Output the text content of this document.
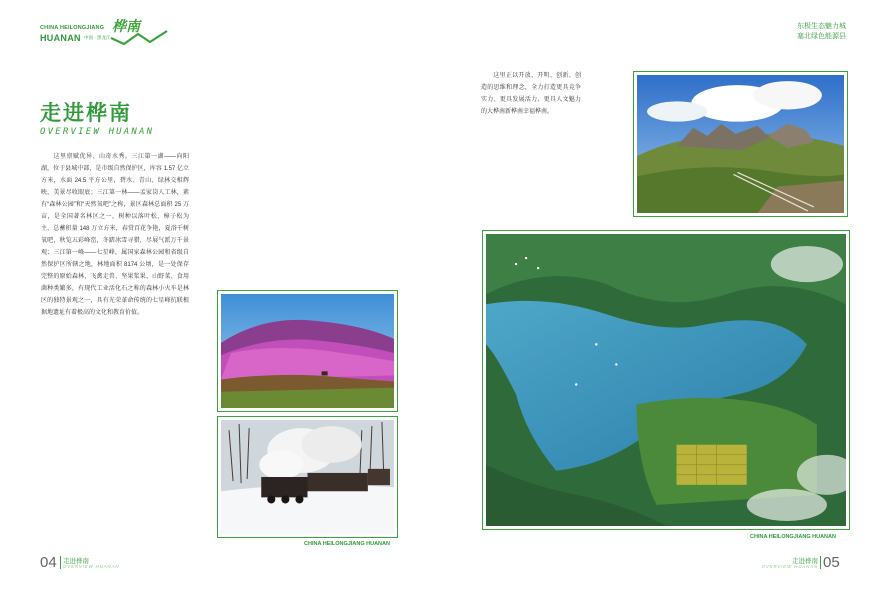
CHINA HEILONGJIANG
HUANAN 中国 · 黑龙江
桦南	东极生态魅力城
塞北绿色能源县
走进桦南
OVERVIEW HUANAN
这里禀赋优异、山奇水秀。三江第一湖——向阳湖，位于县城中部，是市级自然保护区，库容 1.57 亿立方米，水面 24.5 平方公里，碧水、青山、绿林交相辉映，美景尽收眼底；三江第一林——孟家岗人工林，素有“森林公园”和“天然氧吧”之称，景区森林总面积 25 万亩，是全国著名林区之一，树种以落叶松、樟子松为主，总蓄积量 148 万立方米，春赏百花争艳，夏浴千树氧吧，秋览五彩峰峦，冬踏冰雪寻猎，尽展气派万千景观；三江第一峰——七星峰，属国家森林公园和省级自然保护区所辖之地，林地面积 8174 公顷，是一处保存完整的原始森林，飞禽走兽、坚果浆果、山野菜、食用菌种类繁多，有现代工业活化石之称的森林小火车是林区的独特景观之一，具有光荣革命传统的七星峰抗联根据地遗址有着极高的文化和教育价值。
这里正以开放、开明、创新、创造的思维和理念，全力打造更具竞争实力、更具发展活力、更具人文魅力的大桦南新桦南幸福桦南。
CHINA HEILONGJIANG HUANAN
CHINA HEILONGJIANG HUANAN
04 走进桦南
OVERVIEW HUANAN
走进桦南
OVERVIEW HUANAN 05
